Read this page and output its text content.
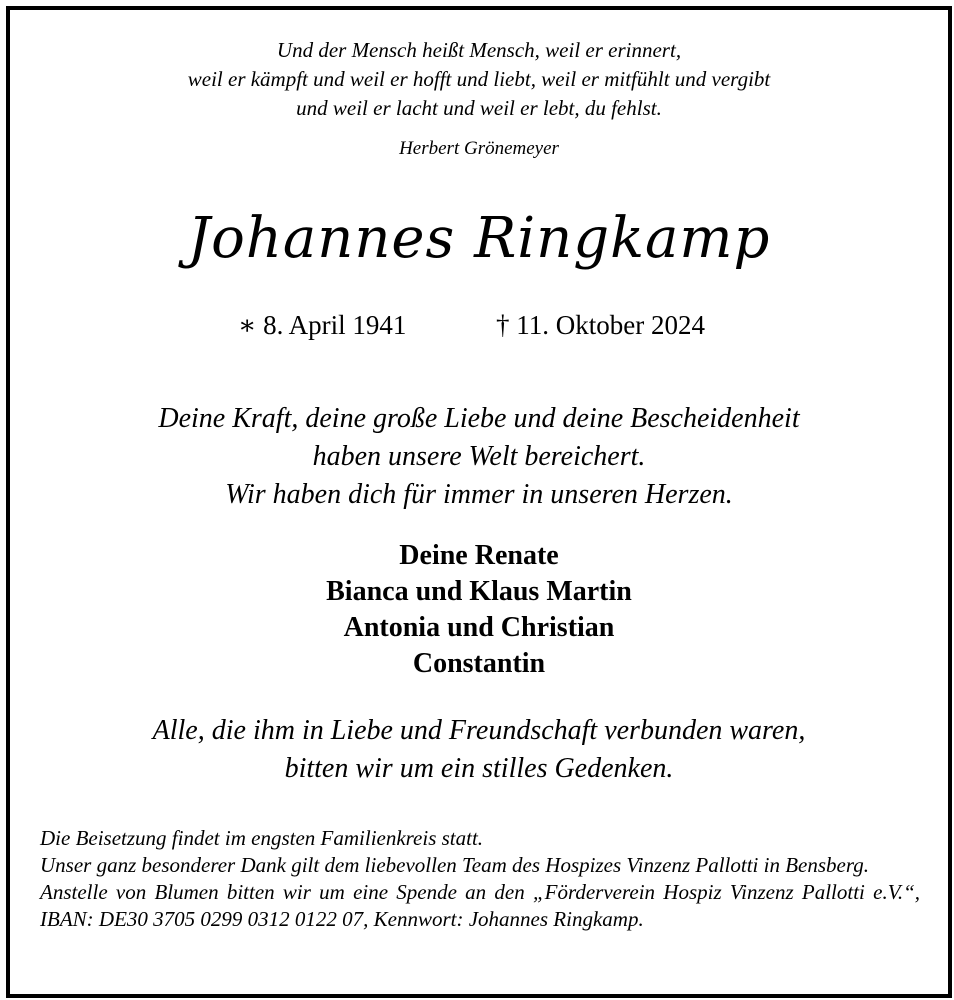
Und der Mensch heißt Mensch, weil er erinnert,
weil er kämpft und weil er hofft und liebt, weil er mitfühlt und vergibt
und weil er lacht und weil er lebt, du fehlst.
Herbert Grönemeyer
Johannes Ringkamp
∗ 8. April 1941	† 11. Oktober 2024
Deine Kraft, deine große Liebe und deine Bescheidenheit
haben unsere Welt bereichert.
Wir haben dich für immer in unseren Herzen.
Deine Renate
Bianca und Klaus Martin
Antonia und Christian
Constantin
Alle, die ihm in Liebe und Freundschaft verbunden waren,
bitten wir um ein stilles Gedenken.

Die Beisetzung findet im engsten Familienkreis statt.

Unser ganz besonderer Dank gilt dem liebevollen Team des Hospizes Vinzenz Pallotti in Bensberg.

Anstelle von Blumen bitten wir um eine Spende an den „Förderverein Hospiz Vinzenz Pallotti e.V.“, IBAN: DE30 3705 0299 0312 0122 07, Kennwort: Johannes Ringkamp.
